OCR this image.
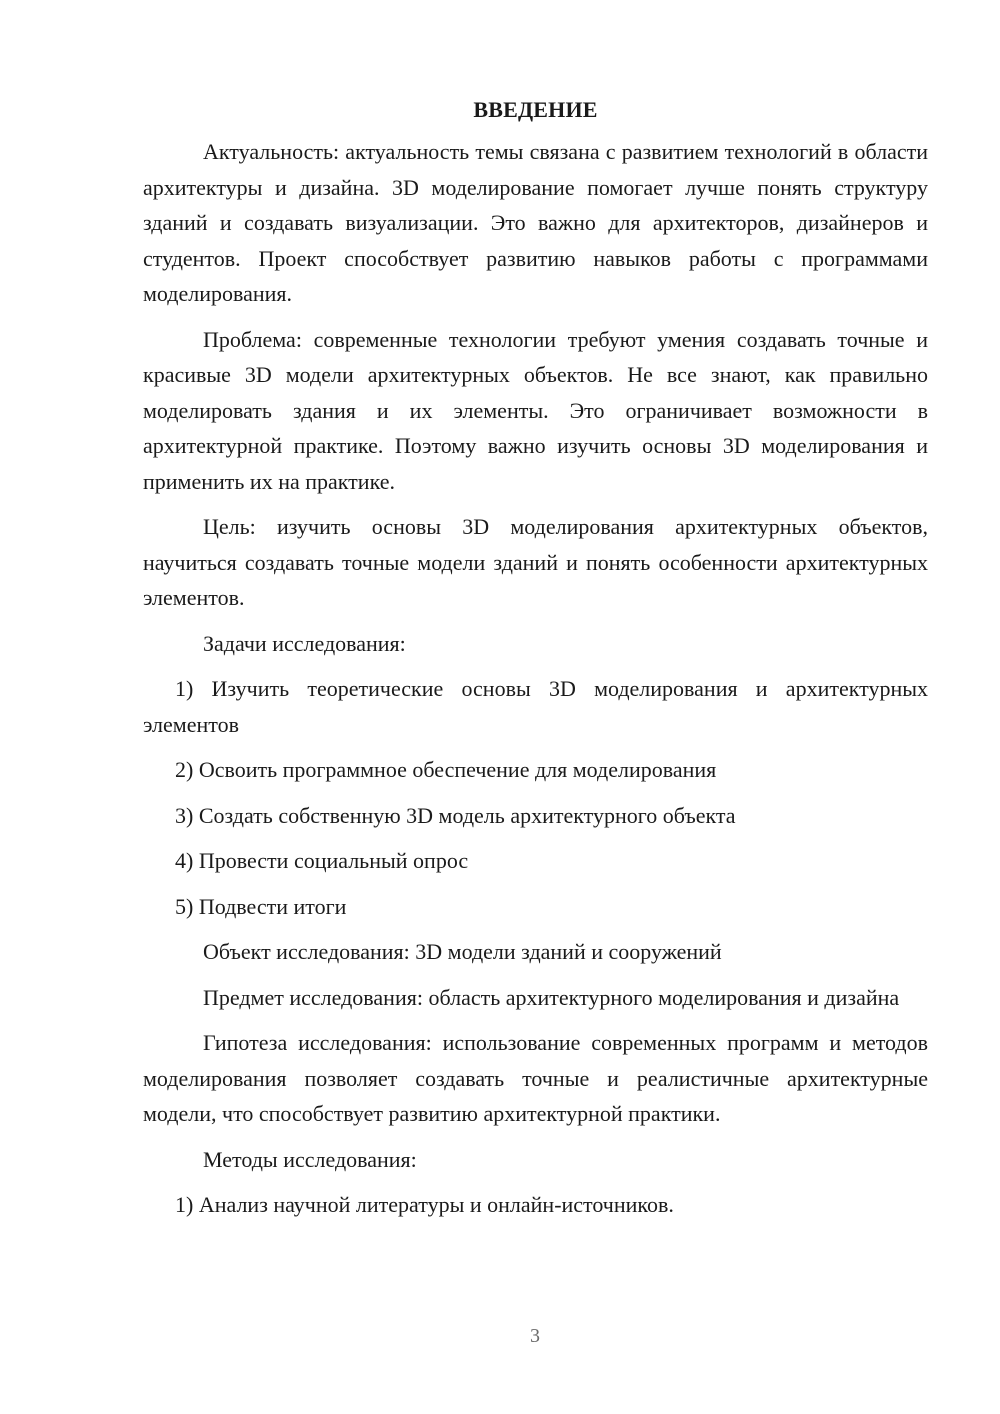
ВВЕДЕНИЕ

Актуальность: актуальность темы связана с развитием технологий в области архитектуры и дизайна. 3D моделирование помогает лучше понять структуру зданий и создавать визуализации. Это важно для архитекторов, дизайнеров и студентов. Проект способствует развитию навыков работы с программами моделирования.

Проблема: современные технологии требуют умения создавать точные и красивые 3D модели архитектурных объектов. Не все знают, как правильно моделировать здания и их элементы. Это ограничивает возможности в архитектурной практике. Поэтому важно изучить основы 3D моделирования и применить их на практике.

Цель: изучить основы 3D моделирования архитектурных объектов, научиться создавать точные модели зданий и понять особенности архитектурных элементов.

Задачи исследования:

1) Изучить теоретические основы 3D моделирования и архитектурных элементов

2) Освоить программное обеспечение для моделирования

3) Создать собственную 3D модель архитектурного объекта

4) Провести социальный опрос

5) Подвести итоги

Объект исследования: 3D модели зданий и сооружений

Предмет исследования: область архитектурного моделирования и дизайна

Гипотеза исследования: использование современных программ и методов моделирования позволяет создавать точные и реалистичные архитектурные модели, что способствует развитию архитектурной практики.

Методы исследования:

1) Анализ научной литературы и онлайн-источников.

3
